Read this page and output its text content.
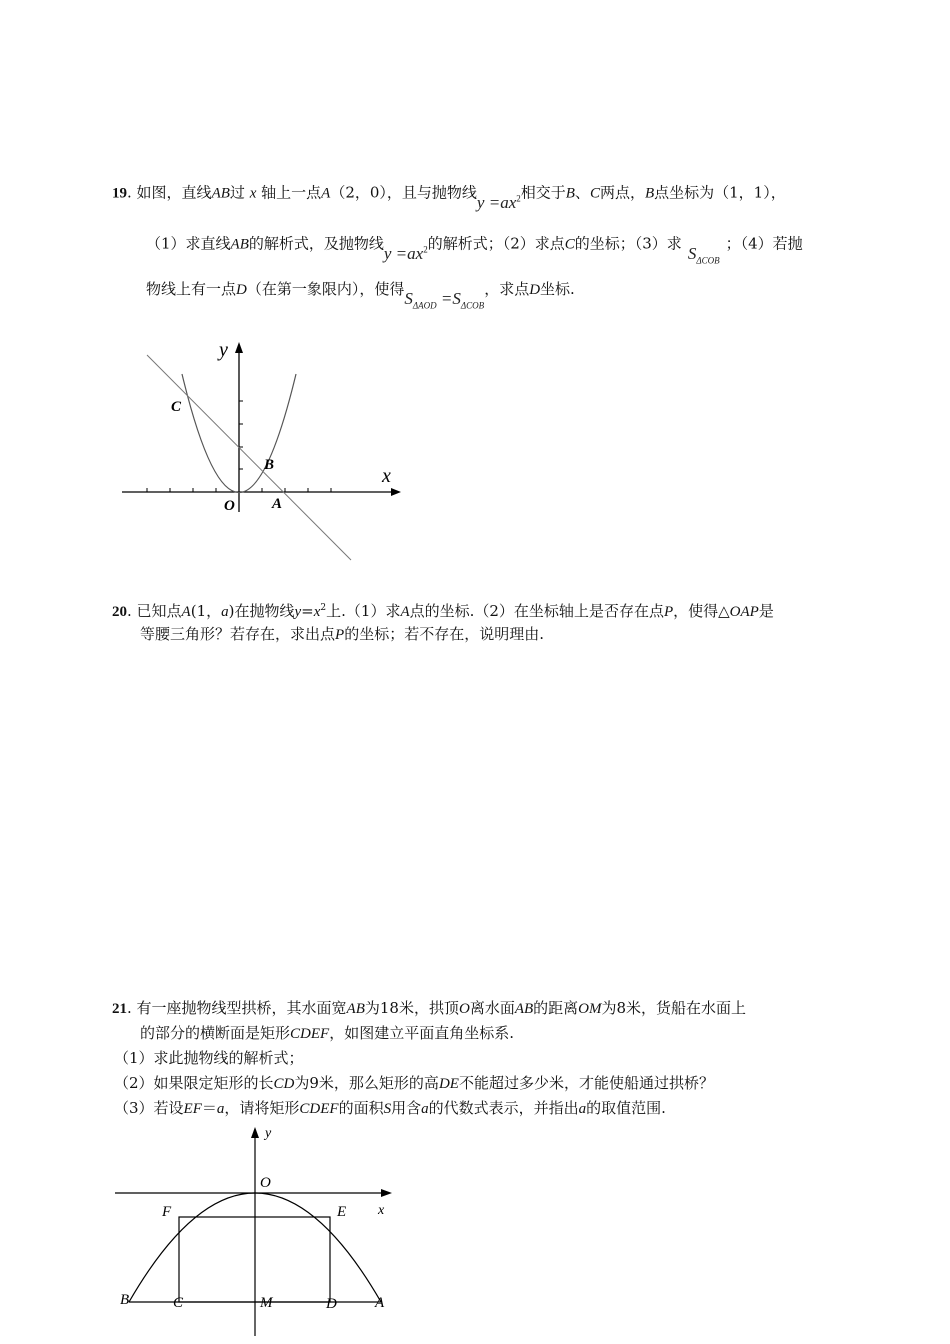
19. 如图，直线AB过 x 轴上一点A（2，0），且与抛物线$y =ax^2$相交于B、C两点，B点坐标为（1，1），
（1）求直线AB的解析式，及抛物线$y =ax^2$的解析式；（2）求点C的坐标；（3）求 $S_{\Delta COB}$；（4）若抛
物线上有一点D（在第一象限内），使得$S_{\Delta AOD} =S_{\Delta COB}$，求点D坐标.
y
x
C
B
O A
20. 已知点A(1，a)在抛物线$y=x^2$上.（1）求A点的坐标.（2）在坐标轴上是否存在点P，使得△OAP是
等腰三角形？若存在，求出点P的坐标；若不存在，说明理由.
21. 有一座抛物线型拱桥，其水面宽AB为18米，拱顶O离水面AB的距离OM为8米，货船在水面上
的部分的横断面是矩形CDEF，如图建立平面直角坐标系.
（1）求此抛物线的解析式；
（2）如果限定矩形的长CD为9米，那么矩形的高DE不能超过多少米，才能使船通过拱桥？
（3）若设EF＝a，请将矩形CDEF的面积S用含a的代数式表示，并指出a的取值范围.
y
O
x
F	E
B	C	M	D	A
